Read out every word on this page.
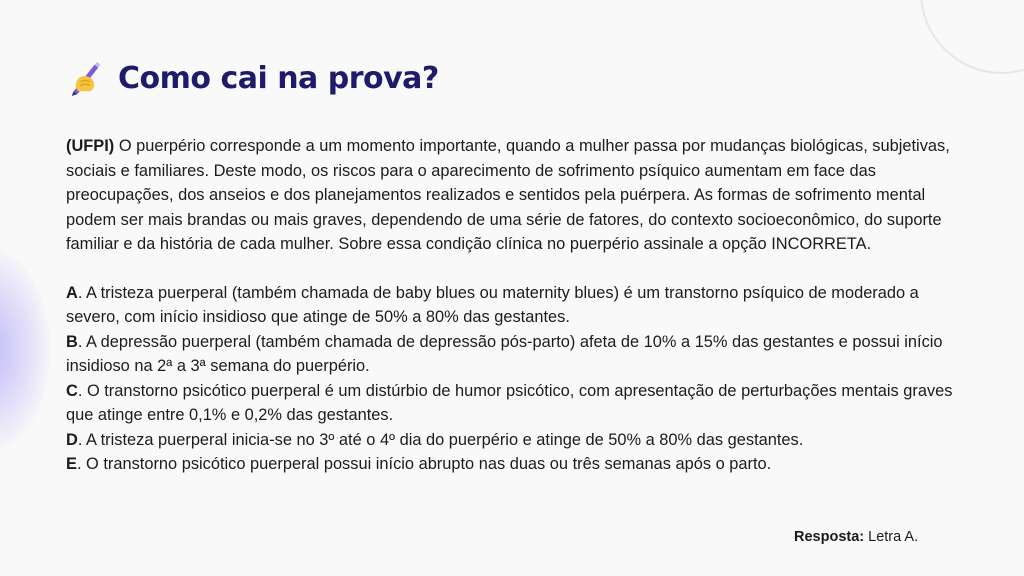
Como cai na prova?

(UFPI) O puerpério corresponde a um momento importante, quando a mulher passa por mudanças biológicas, subjetivas, sociais e familiares. Deste modo, os riscos para o aparecimento de sofrimento psíquico aumentam em face das preocupações, dos anseios e dos planejamentos realizados e sentidos pela puérpera. As formas de sofrimento mental podem ser mais brandas ou mais graves, dependendo de uma série de fatores, do contexto socioeconômico, do suporte familiar e da história de cada mulher. Sobre essa condição clínica no puerpério assinale a opção INCORRETA.

A. A tristeza puerperal (também chamada de baby blues ou maternity blues) é um transtorno psíquico de moderado a severo, com início insidioso que atinge de 50% a 80% das gestantes.

B. A depressão puerperal (também chamada de depressão pós-parto) afeta de 10% a 15% das gestantes e possui início insidioso na 2ª a 3ª semana do puerpério.

C. O transtorno psicótico puerperal é um distúrbio de humor psicótico, com apresentação de perturbações mentais graves que atinge entre 0,1% e 0,2% das gestantes.

D. A tristeza puerperal inicia-se no 3º até o 4º dia do puerpério e atinge de 50% a 80% das gestantes.

E. O transtorno psicótico puerperal possui início abrupto nas duas ou três semanas após o parto.

Resposta: Letra A.
